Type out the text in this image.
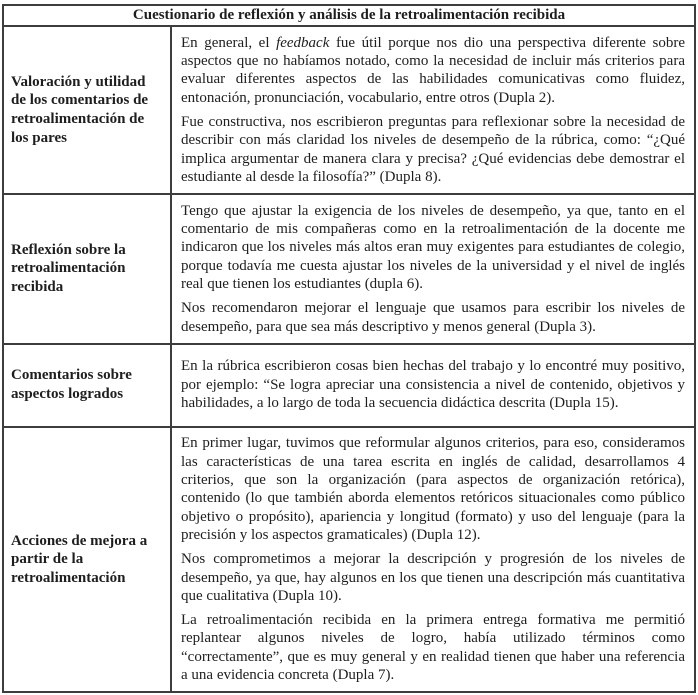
Cuestionario de reflexión y análisis de la retroalimentación recibida	
Valoración y utilidad de los comentarios de retroalimentación de los pares	En general, el feedback fue útil porque nos dio una perspectiva diferente sobre aspectos que no habíamos notado, como la necesidad de incluir más criterios para evaluar diferentes aspectos de las habilidades comunicativas como fluidez, entonación, pronunciación, vocabulario, entre otros (Dupla 2).

Fue constructiva, nos escribieron preguntas para reflexionar sobre la necesidad de describir con más claridad los niveles de desempeño de la rúbrica, como: “¿Qué implica argumentar de manera clara y precisa? ¿Qué evidencias debe demostrar el estudiante al desde la filosofía?” (Dupla 8).

Reflexión sobre la retroalimentación recibida	Tengo que ajustar la exigencia de los niveles de desempeño, ya que, tanto en el comentario de mis compañeras como en la retroalimentación de la docente me indicaron que los niveles más altos eran muy exigentes para estudiantes de colegio, porque todavía me cuesta ajustar los niveles de la universidad y el nivel de inglés real que tienen los estudiantes (dupla 6).

Nos recomendaron mejorar el lenguaje que usamos para escribir los niveles de desempeño, para que sea más descriptivo y menos general (Dupla 3).

Comentarios sobre aspectos logrados	En la rúbrica escribieron cosas bien hechas del trabajo y lo encontré muy positivo, por ejemplo: “Se logra apreciar una consistencia a nivel de contenido, objetivos y habilidades, a lo largo de toda la secuencia didáctica descrita (Dupla 15).

Acciones de mejora a partir de la retroalimentación	En primer lugar, tuvimos que reformular algunos criterios, para eso, consideramos las características de una tarea escrita en inglés de calidad, desarrollamos 4 criterios, que son la organización (para aspectos de organización retórica), contenido (lo que también aborda elementos retóricos situacionales como público objetivo o propósito), apariencia y longitud (formato) y uso del lenguaje (para la precisión y los aspectos gramaticales) (Dupla 12).

Nos comprometimos a mejorar la descripción y progresión de los niveles de desempeño, ya que, hay algunos en los que tienen una descripción más cuantitativa que cualitativa (Dupla 10).

La retroalimentación recibida en la primera entrega formativa me permitió replantear algunos niveles de logro, había utilizado términos como “correctamente”, que es muy general y en realidad tienen que haber una referencia a una evidencia concreta (Dupla 7).
